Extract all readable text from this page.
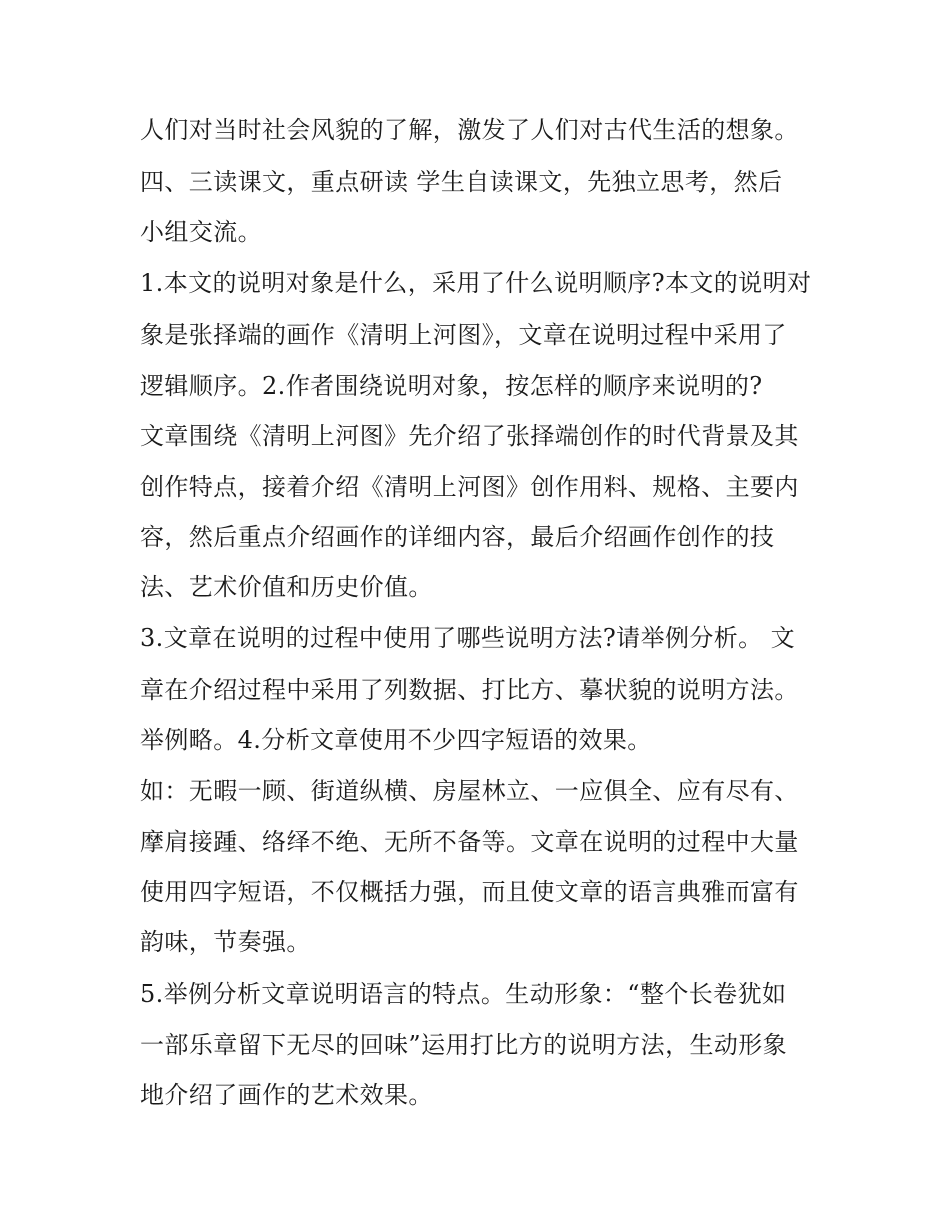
人们对当时社会风貌的了解，激发了人们对古代生活的想象。
四、三读课文，重点研读 学生自读课文，先独立思考，然后
小组交流。
1.本文的说明对象是什么，采用了什么说明顺序?本文的说明对
象是张择端的画作《清明上河图》，文章在说明过程中采用了
逻辑顺序。2.作者围绕说明对象，按怎样的顺序来说明的?
文章围绕《清明上河图》先介绍了张择端创作的时代背景及其
创作特点，接着介绍《清明上河图》创作用料、规格、主要内
容，然后重点介绍画作的详细内容，最后介绍画作创作的技
法、艺术价值和历史价值。
3.文章在说明的过程中使用了哪些说明方法?请举例分析。 文
章在介绍过程中采用了列数据、打比方、摹状貌的说明方法。
举例略。4.分析文章使用不少四字短语的效果。
如：无暇一顾、街道纵横、房屋林立、一应俱全、应有尽有、
摩肩接踵、络绎不绝、无所不备等。文章在说明的过程中大量
使用四字短语，不仅概括力强，而且使文章的语言典雅而富有
韵味，节奏强。
5.举例分析文章说明语言的特点。生动形象：“整个长卷犹如
一部乐章留下无尽的回味”运用打比方的说明方法，生动形象
地介绍了画作的艺术效果。
